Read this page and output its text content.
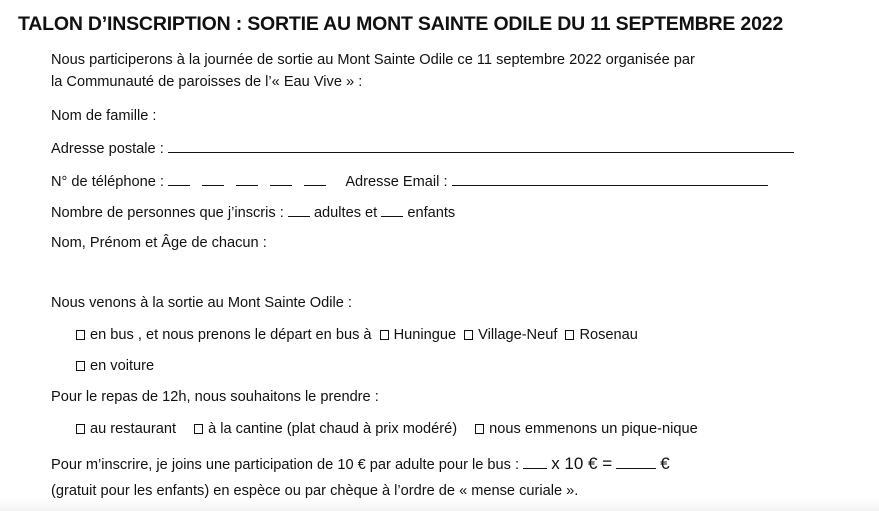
TALON D’INSCRIPTION : SORTIE AU MONT SAINTE ODILE DU 11 SEPTEMBRE 2022
Nous participerons à la journée de sortie au Mont Sainte Odile ce 11 septembre 2022 organisée par
la Communauté de paroisses de l’« Eau Vive » :
Nom de famille :
Adresse postale :
N° de téléphone :	Adresse Email :
Nombre de personnes que j’inscris : adultes et enfants
Nom, Prénom et Âge de chacun :
Nous venons à la sortie au Mont Sainte Odile :
en bus , et nous prenons le départ en bus à Huningue Village-Neuf Rosenau
en voiture
Pour le repas de 12h, nous souhaitons le prendre :
au restaurant à la cantine (plat chaud à prix modéré) nous emmenons un pique-nique
Pour m’inscrire, je joins une participation de 10 € par adulte pour le bus : x 10 € =	€
(gratuit pour les enfants) en espèce ou par chèque à l’ordre de « mense curiale ».
